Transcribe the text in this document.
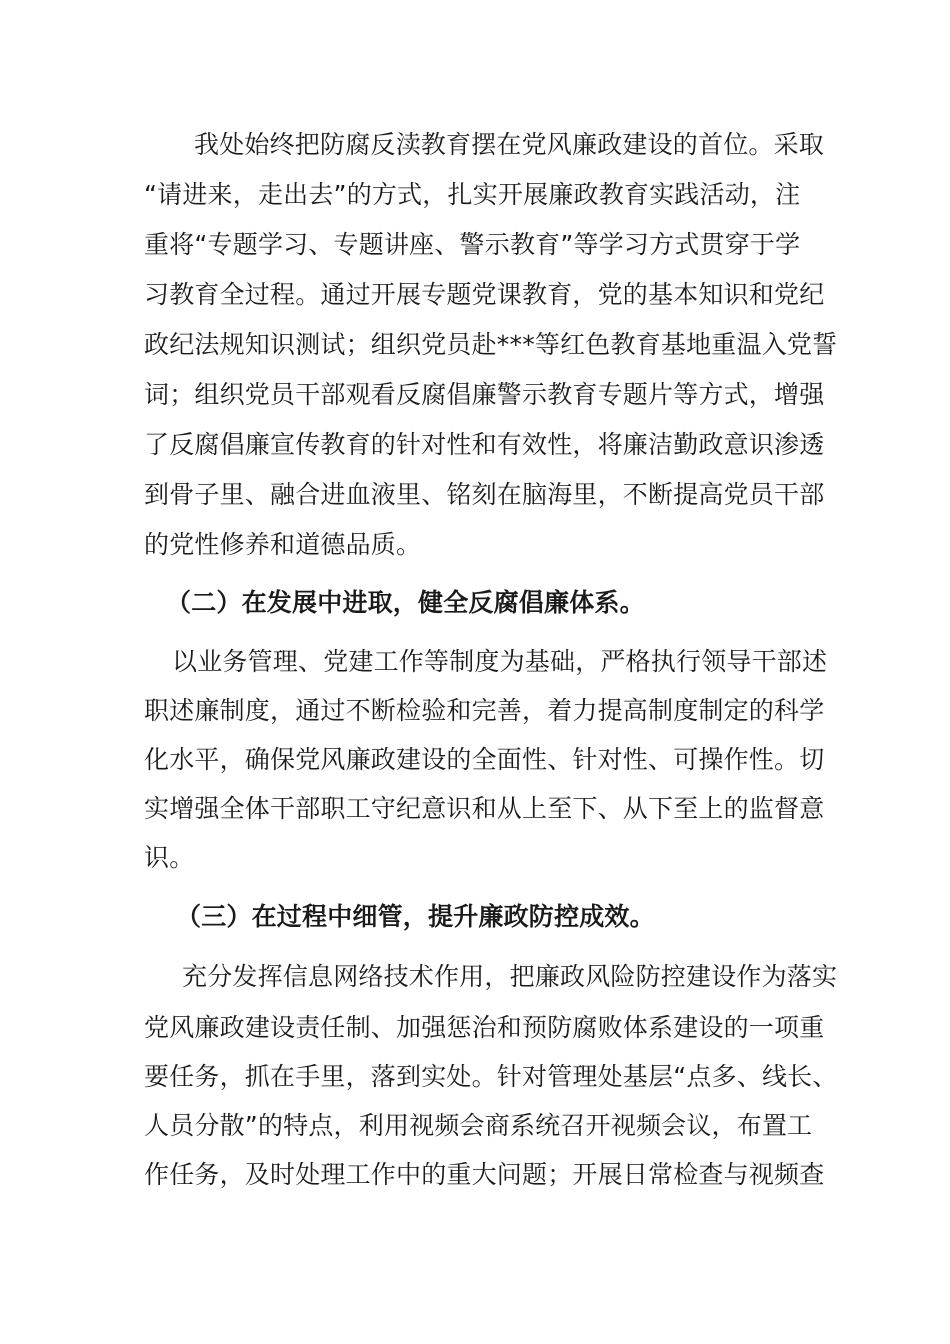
我处始终把防腐反渎教育摆在党风廉政建设的首位。采取
“请进来，走出去”的方式，扎实开展廉政教育实践活动，注
重将“专题学习、专题讲座、警示教育”等学习方式贯穿于学
习教育全过程。通过开展专题党课教育，党的基本知识和党纪
政纪法规知识测试；组织党员赴***等红色教育基地重温入党誓
词；组织党员干部观看反腐倡廉警示教育专题片等方式，增强
了反腐倡廉宣传教育的针对性和有效性，将廉洁勤政意识渗透
到骨子里、融合进血液里、铭刻在脑海里，不断提高党员干部
的党性修养和道德品质。
（二）在发展中进取，健全反腐倡廉体系。
以业务管理、党建工作等制度为基础，严格执行领导干部述
职述廉制度，通过不断检验和完善，着力提高制度制定的科学
化水平，确保党风廉政建设的全面性、针对性、可操作性。切
实增强全体干部职工守纪意识和从上至下、从下至上的监督意
识。
（三）在过程中细管，提升廉政防控成效。
充分发挥信息网络技术作用，把廉政风险防控建设作为落实
党风廉政建设责任制、加强惩治和预防腐败体系建设的一项重
要任务，抓在手里，落到实处。针对管理处基层“点多、线长、
人员分散”的特点，利用视频会商系统召开视频会议，布置工
作任务，及时处理工作中的重大问题；开展日常检查与视频查
